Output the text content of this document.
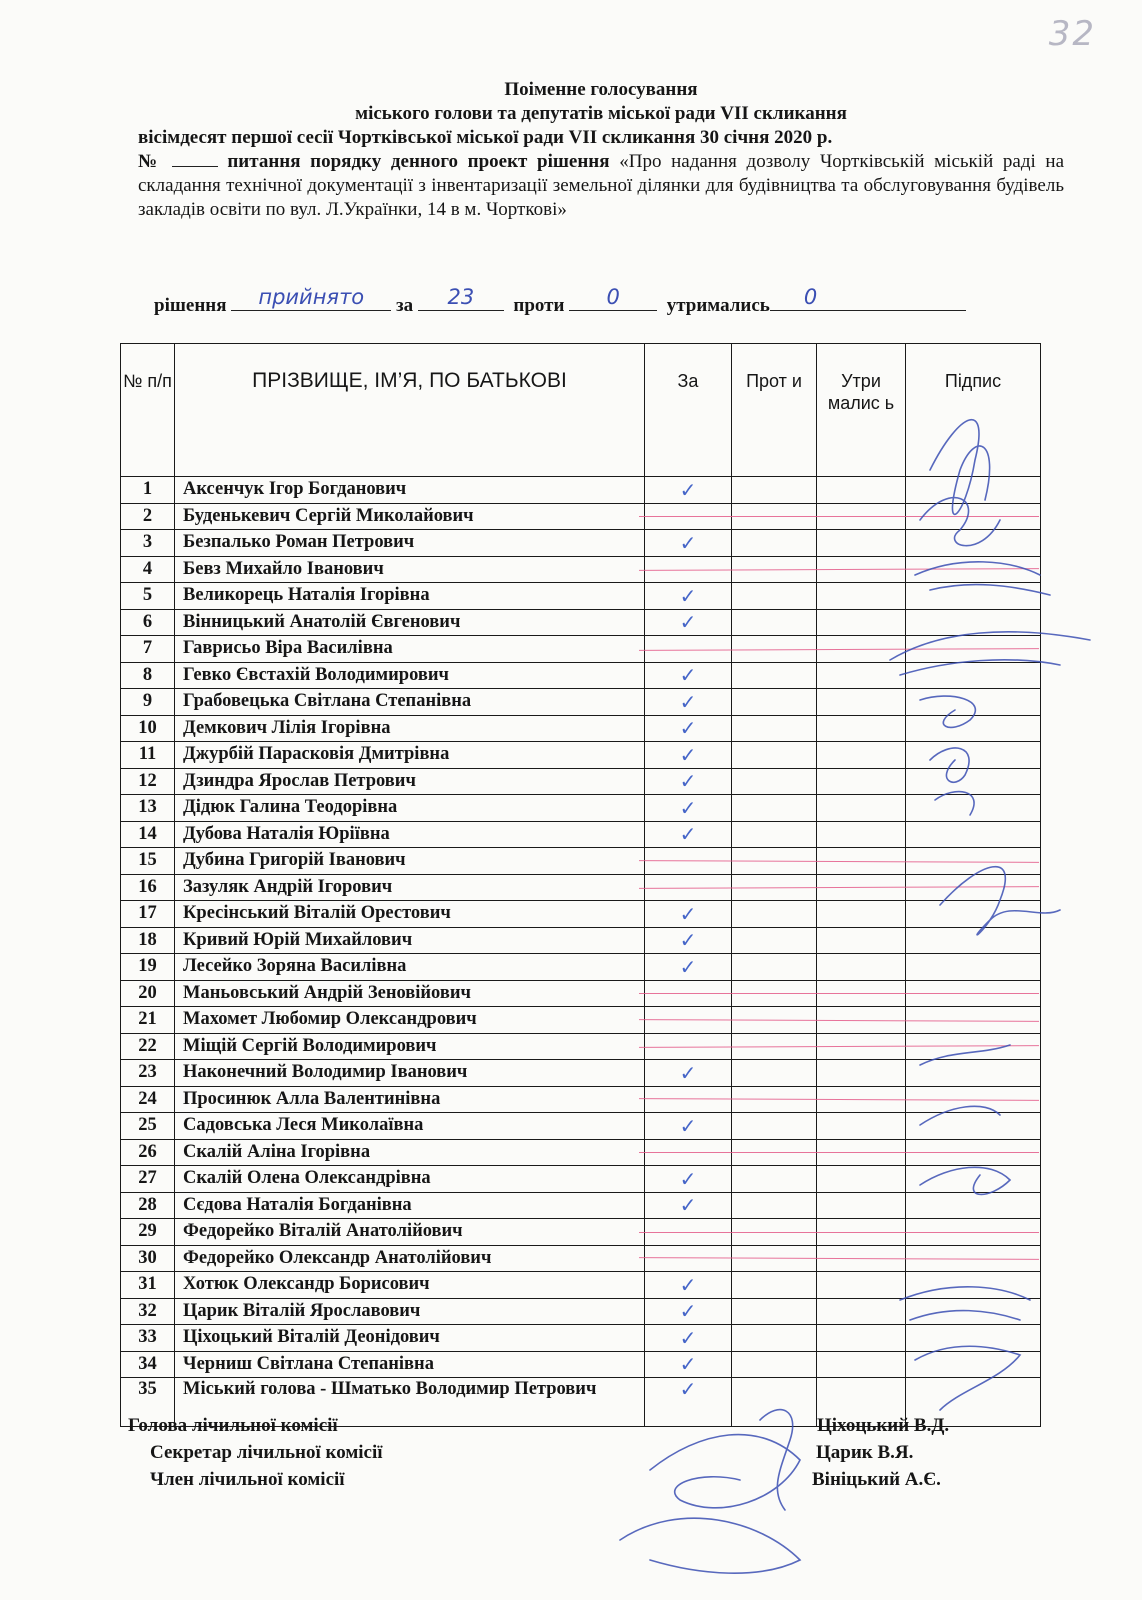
32
Поіменне голосування
міського голови та депутатів міської ради VII скликання
вісімдесят першої сесії Чортківської міської ради VII скликання 30 січня 2020 р.
№	питання порядку денного проект рішення «Про надання дозволу Чортківській міській раді на складання технічної документації з інвентаризації земельної ділянки для будівництва та обслуговування будівель закладів освіти по вул. Л.Українки, 14 в м. Чорткові»
рішення	прийнято	за	23	проти	0	утримались	0
№ п/п	ПРІЗВИЩЕ, ІМ’Я, ПО БАТЬКОВІ	За	Прот и	Утри малис ь	Підпис
1	Аксенчук Ігор Богданович	✓			
2	Буденькевич Сергій Миколайович	

3	Безпалько Роман Петрович	✓			
4	Бевз Михайло Іванович	

5	Великорець Наталія Ігорівна	✓			
6	Вінницький Анатолій Євгенович	✓			
7	Гаврисьо Віра Василівна	

8	Гевко Євстахій Володимирович	✓			
9	Грабовецька Світлана Степанівна	✓			
10	Демкович Лілія Ігорівна	✓			
11	Джурбій Парасковія Дмитрівна	✓			
12	Дзиндра Ярослав Петрович	✓			
13	Дідюк Галина Теодорівна	✓			
14	Дубова Наталія Юріївна	✓			
15	Дубина Григорій Іванович	

16	Зазуляк Андрій Ігорович	

17	Кресінський Віталій Орестович	✓			
18	Кривий Юрій Михайлович	✓			
19	Лесейко Зоряна Василівна	✓			
20	Маньовський Андрій Зеновійович	

21	Махомет Любомир Олександрович	

22	Міщій Сергій Володимирович	

23	Наконечний Володимир Іванович	✓			
24	Просинюк Алла Валентинівна	

25	Садовська Леся Миколаївна	✓			
26	Скалій Аліна Ігорівна	

27	Скалій Олена Олександрівна	✓			
28	Сєдова Наталія Богданівна	✓			
29	Федорейко Віталій Анатолійович	

30	Федорейко Олександр Анатолійович	

31	Хотюк Олександр Борисович	✓			
32	Царик Віталій Ярославович	✓			
33	Ціхоцький Віталій Деонідович	✓			
34	Черниш Світлана Степанівна	✓			
35	Міський голова - Шматько Володимир Петрович	✓			
Голова лічильної комісії
Секретар лічильної комісії
Член лічильної комісії
Ціхоцький В.Д.
Царик В.Я.
Вініцький А.Є.
